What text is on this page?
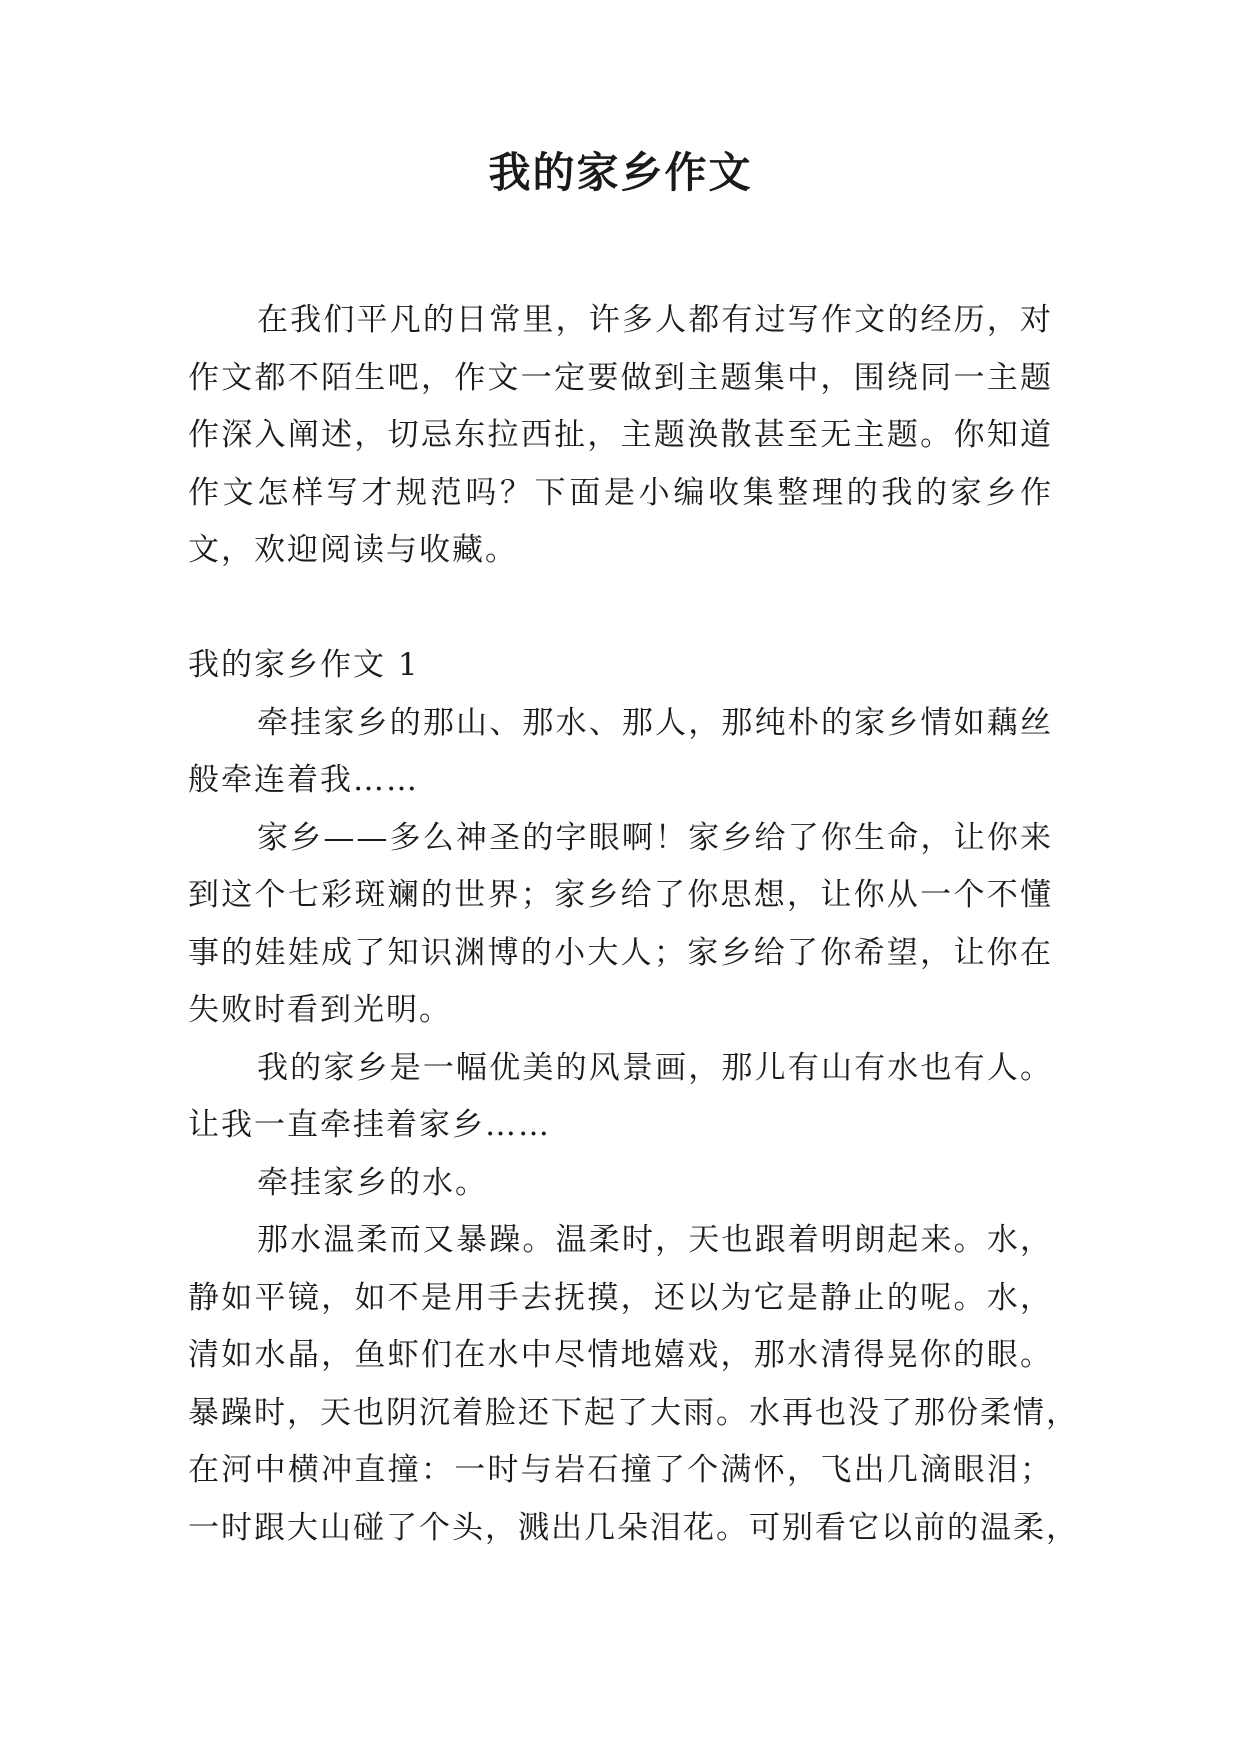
我的家乡作文
在我们平凡的日常里，许多人都有过写作文的经历，对
作文都不陌生吧，作文一定要做到主题集中，围绕同一主题
作深入阐述，切忌东拉西扯，主题涣散甚至无主题。你知道
作文怎样写才规范吗？下面是小编收集整理的我的家乡作
文，欢迎阅读与收藏。
我的家乡作文 1
牵挂家乡的那山、那水、那人，那纯朴的家乡情如藕丝
般牵连着我……
家乡——多么神圣的字眼啊！家乡给了你生命，让你来
到这个七彩斑斓的世界；家乡给了你思想，让你从一个不懂
事的娃娃成了知识渊博的小大人；家乡给了你希望，让你在
失败时看到光明。
我的家乡是一幅优美的风景画，那儿有山有水也有人。
让我一直牵挂着家乡……
牵挂家乡的水。
那水温柔而又暴躁。温柔时，天也跟着明朗起来。水，
静如平镜，如不是用手去抚摸，还以为它是静止的呢。水，
清如水晶，鱼虾们在水中尽情地嬉戏，那水清得晃你的眼。
暴躁时，天也阴沉着脸还下起了大雨。水再也没了那份柔情，
在河中横冲直撞：一时与岩石撞了个满怀，飞出几滴眼泪；
一时跟大山碰了个头，溅出几朵泪花。可别看它以前的温柔，
